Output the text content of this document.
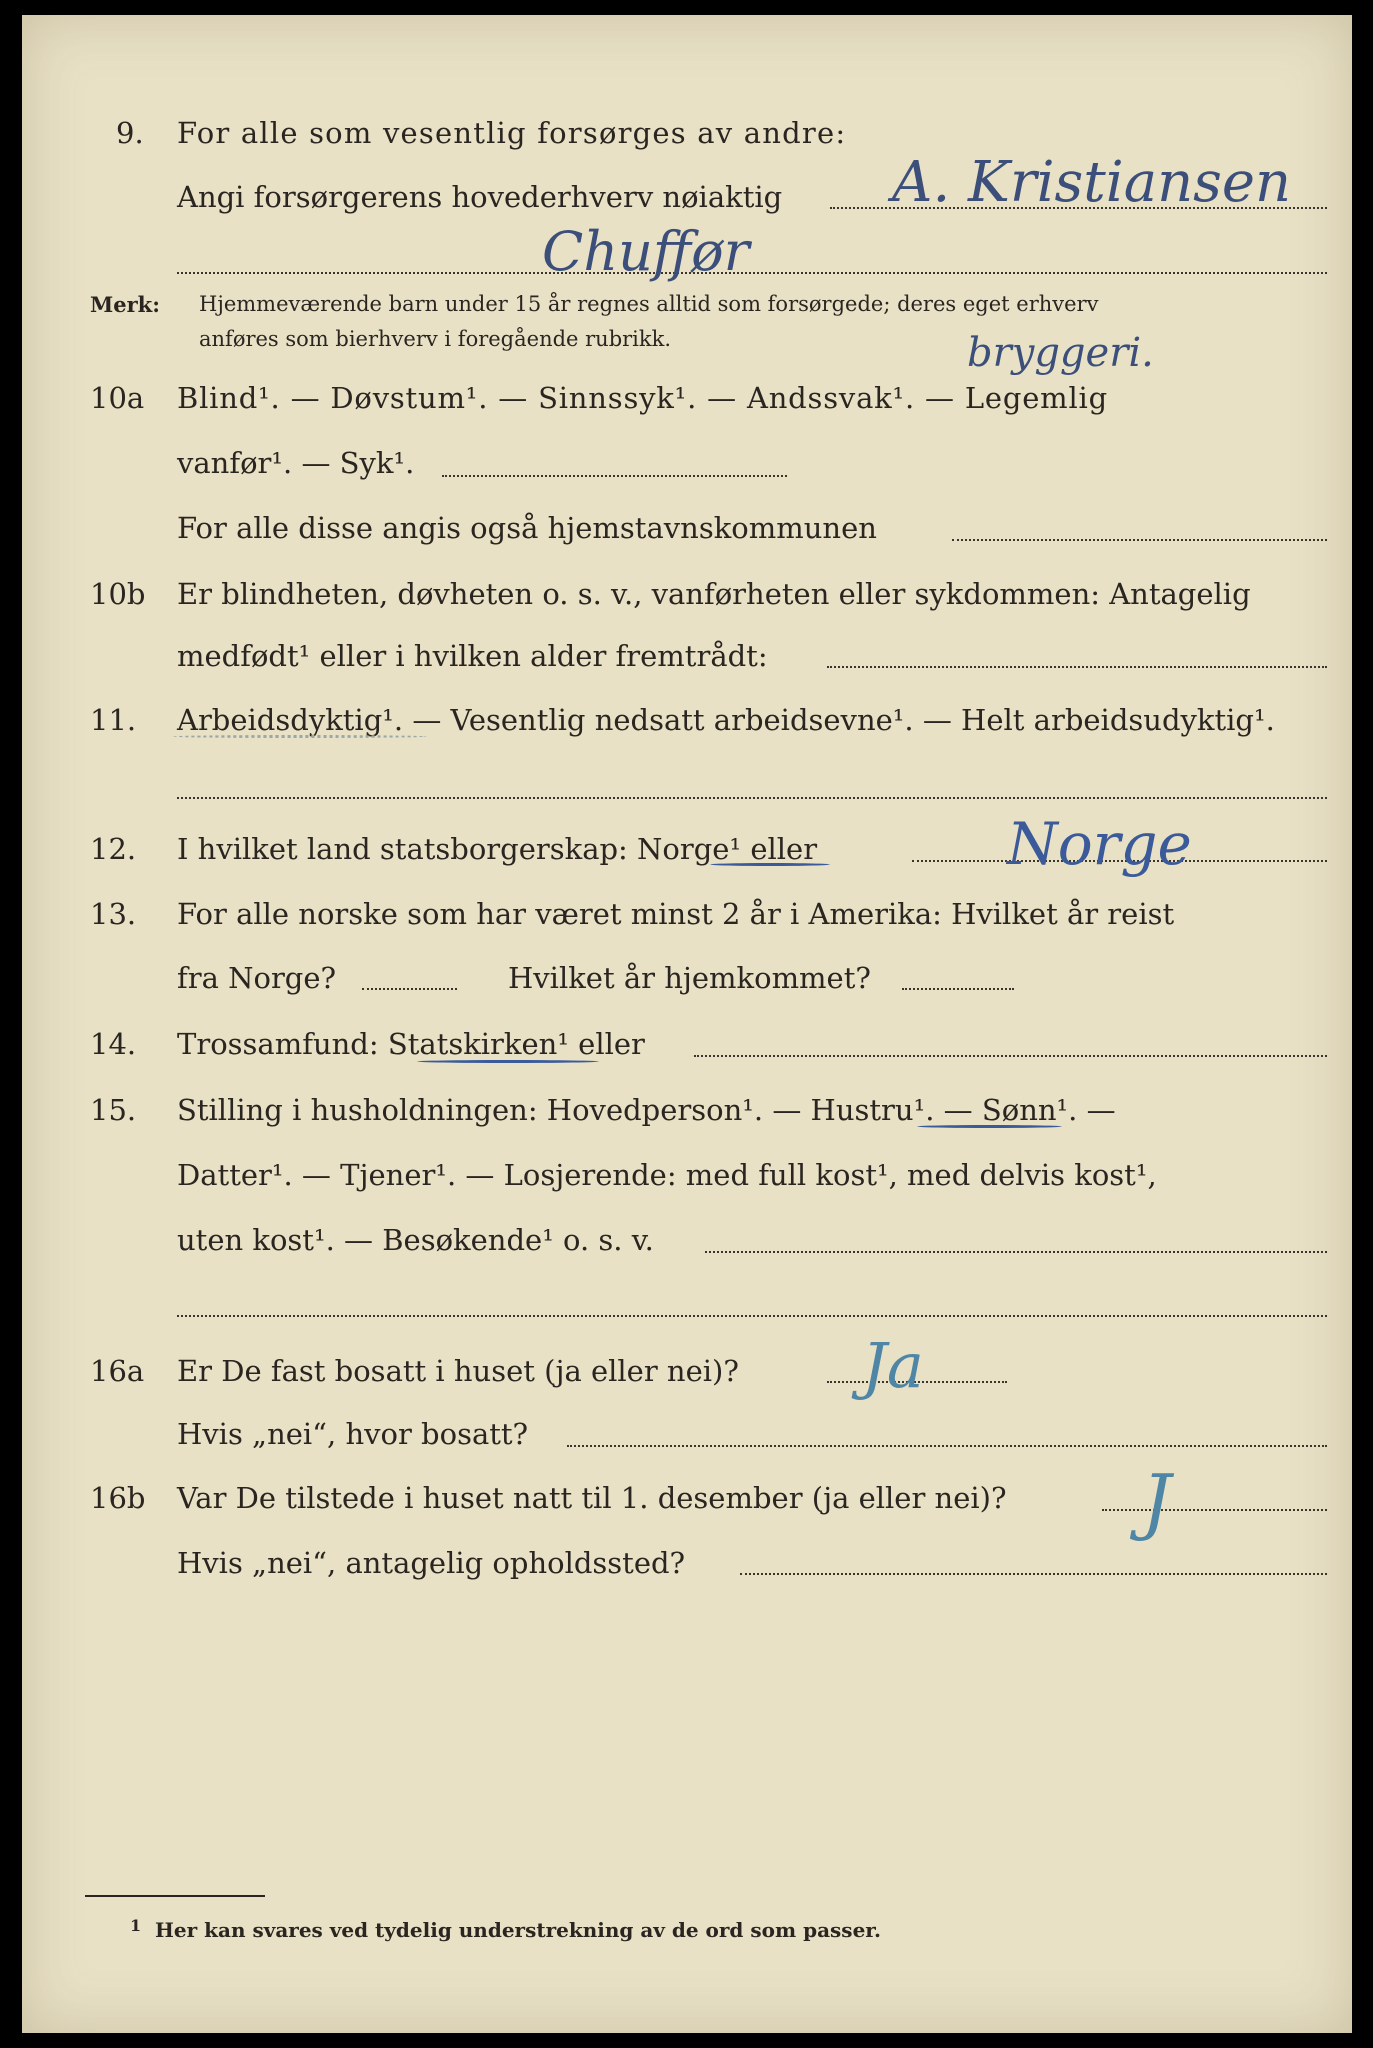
9. For alle som vesentlig forsørges av andre:
Angi forsørgerens hovederhverv nøiaktig A. Kristiansen
Chuffør
Merk: Hjemmeværende barn under 15 år regnes alltid som forsørgede; deres eget erhverv
anføres som bierhverv i foregående rubrikk.	bryggeri.
10a Blind¹. — Døvstum¹. — Sinnssyk¹. — Andssvak¹. — Legemlig
vanfør¹. — Syk¹.
For alle disse angis også hjemstavnskommunen
10b Er blindheten, døvheten o. s. v., vanførheten eller sykdommen: Antagelig
medfødt¹ eller i hvilken alder fremtrådt:
11. Arbeidsdyktig¹. — Vesentlig nedsatt arbeidsevne¹. — Helt arbeidsudyktig¹.
12. I hvilket land statsborgerskap: Norge¹ eller	Norge
13. For alle norske som har været minst 2 år i Amerika: Hvilket år reist
fra Norge?	Hvilket år hjemkommet?
14. Trossamfund: Statskirken¹ eller
15. Stilling i husholdningen: Hovedperson¹. — Hustru¹. — Sønn¹. —
Datter¹. — Tjener¹. — Losjerende: med full kost¹, med delvis kost¹,
uten kost¹. — Besøkende¹ o. s. v.
16a Er De fast bosatt i huset (ja eller nei)? Ja
Hvis „nei“, hvor bosatt?
16b Var De tilstede i huset natt til 1. desember (ja eller nei)? J
Hvis „nei“, antagelig opholdssted?
1 Her kan svares ved tydelig understrekning av de ord som passer.
